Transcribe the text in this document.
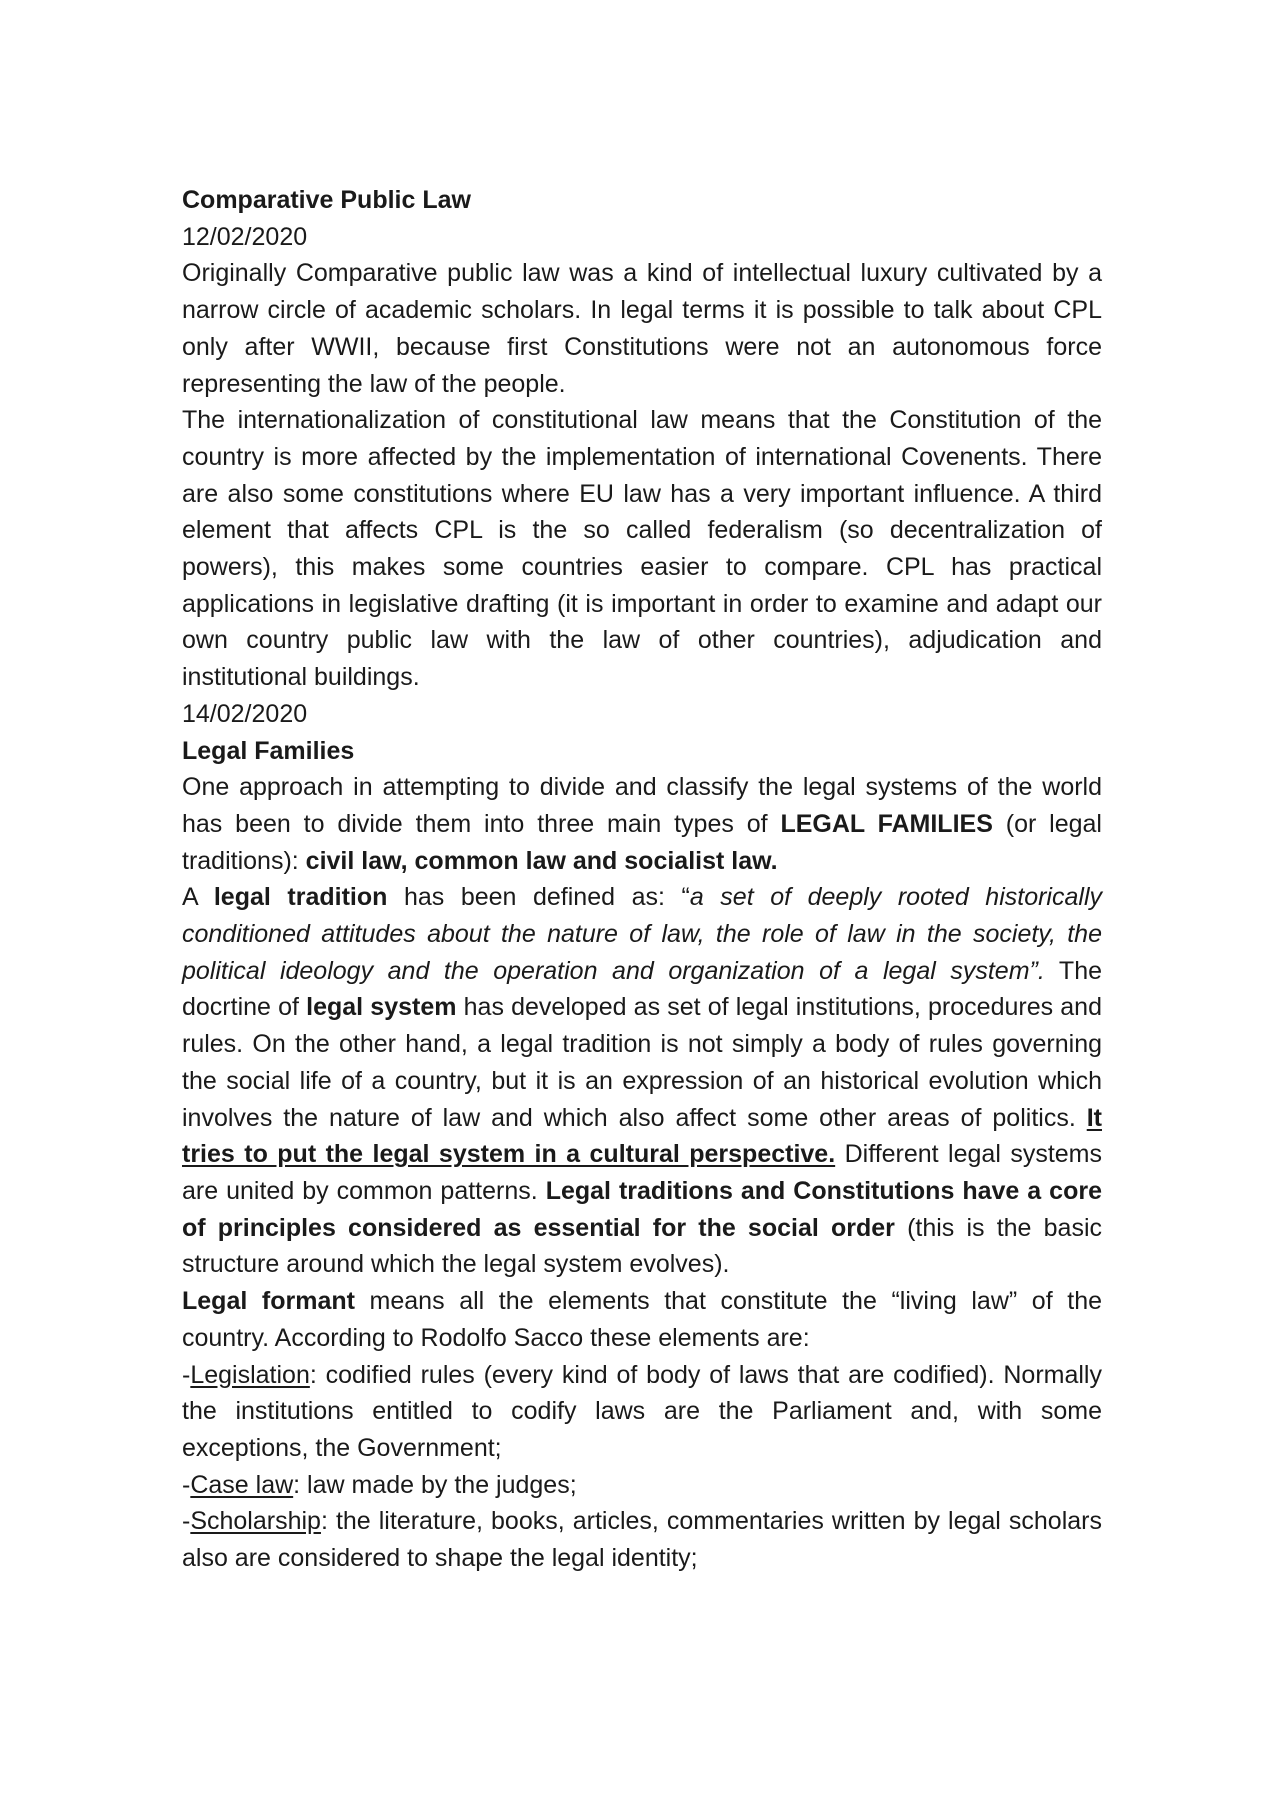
Comparative Public Law

12/02/2020

Originally Comparative public law was a kind of intellectual luxury cultivated by a narrow circle of academic scholars. In legal terms it is possible to talk about CPL only after WWII, because first Constitutions were not an autonomous force representing the law of the people.

The internationalization of constitutional law means that the Constitution of the country is more affected by the implementation of international Covenents. There are also some constitutions where EU law has a very important influence. A third element that affects CPL is the so called federalism (so decentralization of powers), this makes some countries easier to compare. CPL has practical applications in legislative drafting (it is important in order to examine and adapt our own country public law with the law of other countries), adjudication and institutional buildings.

14/02/2020

Legal Families

One approach in attempting to divide and classify the legal systems of the world has been to divide them into three main types of LEGAL FAMILIES (or legal traditions): civil law, common law and socialist law.

A legal tradition has been defined as: “a set of deeply rooted historically conditioned attitudes about the nature of law, the role of law in the society, the political ideology and the operation and organization of a legal system”. The docrtine of legal system has developed as set of legal institutions, procedures and rules. On the other hand, a legal tradition is not simply a body of rules governing the social life of a country, but it is an expression of an historical evolution which involves the nature of law and which also affect some other areas of politics. It tries to put the legal system in a cultural perspective. Different legal systems are united by common patterns. Legal traditions and Constitutions have a core of principles considered as essential for the social order (this is the basic structure around which the legal system evolves).

Legal formant means all the elements that constitute the “living law” of the country. According to Rodolfo Sacco these elements are:

-Legislation: codified rules (every kind of body of laws that are codified). Normally the institutions entitled to codify laws are the Parliament and, with some exceptions, the Government;

-Case law: law made by the judges;

-Scholarship: the literature, books, articles, commentaries written by legal scholars also are considered to shape the legal identity;
